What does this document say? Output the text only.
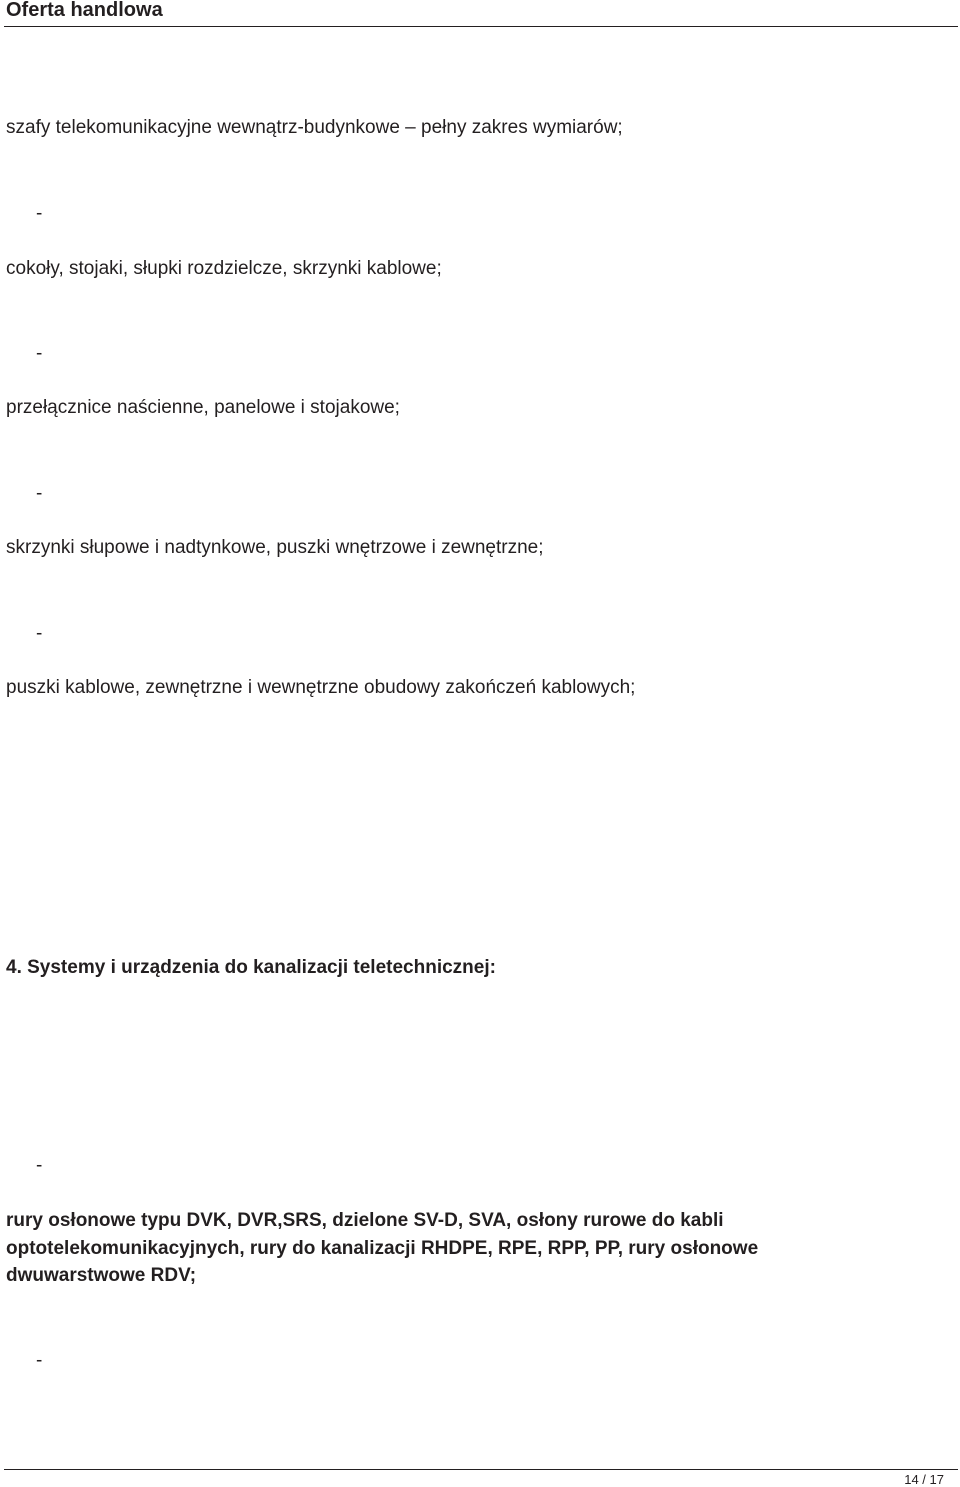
Oferta handlowa
szafy telekomunikacyjne wewnątrz-budynkowe – pełny zakres wymiarów;
-
cokoły, stojaki, słupki rozdzielcze, skrzynki kablowe;
-
przełącznice naścienne, panelowe i stojakowe;
-
skrzynki słupowe i nadtynkowe, puszki wnętrzowe i zewnętrzne;
-
puszki kablowe, zewnętrzne i wewnętrzne obudowy zakończeń kablowych;
4. Systemy i urządzenia do kanalizacji teletechnicznej:
-
rury osłonowe typu DVK, DVR,SRS, dzielone SV-D, SVA, osłony rurowe do kabli
optotelekomunikacyjnych, rury do kanalizacji RHDPE, RPE, RPP, PP, rury osłonowe
dwuwarstwowe RDV;
-
14 / 17
